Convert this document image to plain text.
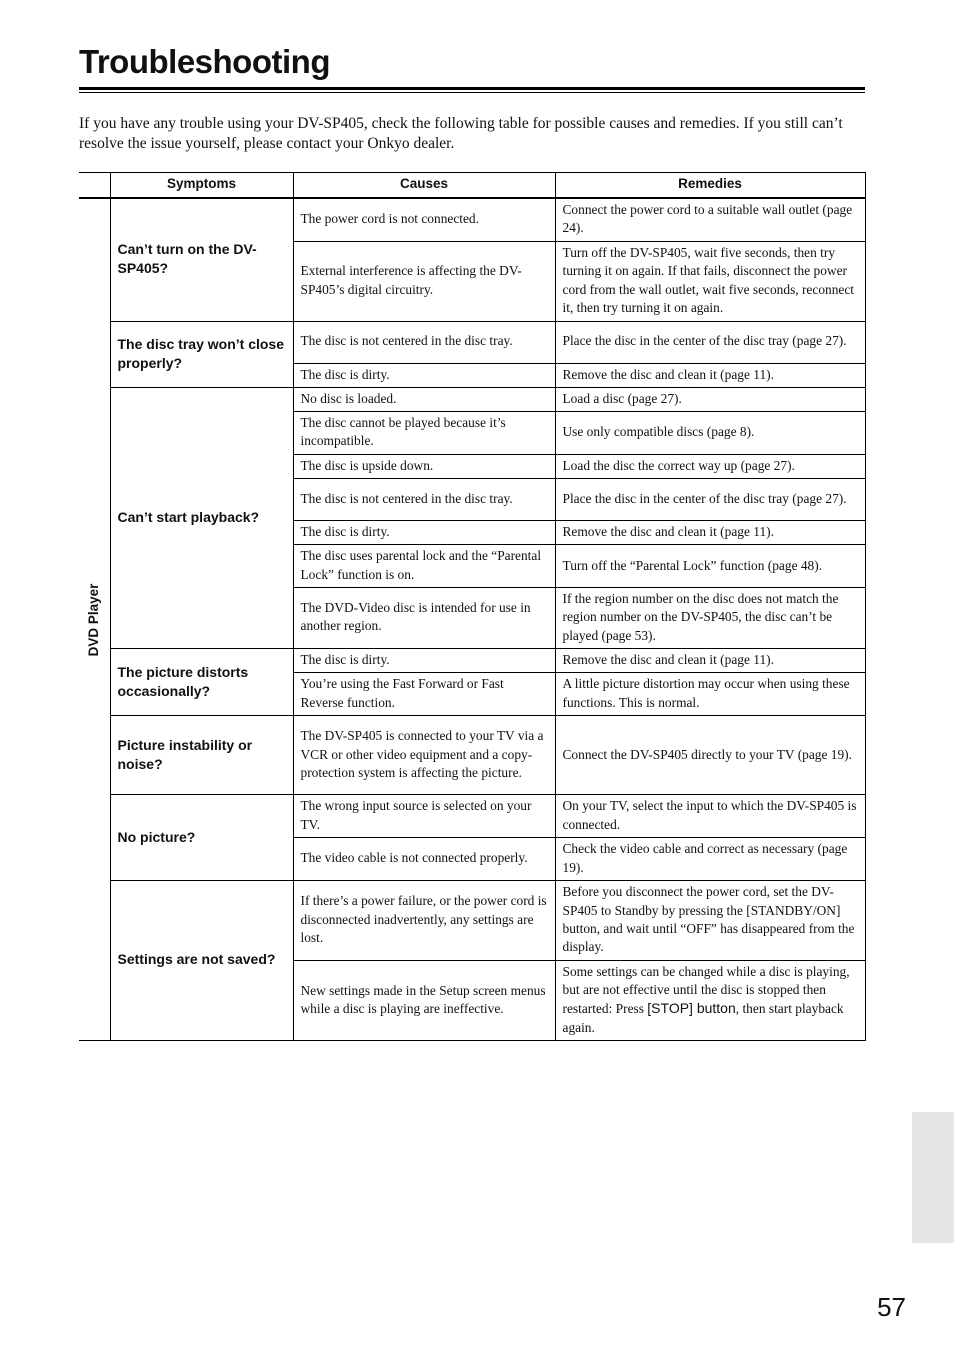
Troubleshooting

If you have any trouble using your DV-SP405, check the following table for possible causes and remedies. If you still can’t resolve the issue yourself, please contact your Onkyo dealer.

	Symptoms	Causes	Remedies

DVD Player	Can’t turn on the DV-SP405?	The power cord is not connected.	Connect the power cord to a suitable wall outlet (page 24).
		External interference is affecting the DV-SP405’s digital circuitry.	Turn off the DV-SP405, wait five seconds, then try turning it on again. If that fails, disconnect the power cord from the wall outlet, wait five seconds, reconnect it, then try turning it on again.
	The disc tray won’t close properly?	The disc is not centered in the disc tray.	Place the disc in the center of the disc tray (page 27).
		The disc is dirty.	Remove the disc and clean it (page 11).
	Can’t start playback?	No disc is loaded.	Load a disc (page 27).
		The disc cannot be played because it’s incompatible.	Use only compatible discs (page 8).
		The disc is upside down.	Load the disc the correct way up (page 27).
		The disc is not centered in the disc tray.	Place the disc in the center of the disc tray (page 27).
		The disc is dirty.	Remove the disc and clean it (page 11).
		The disc uses parental lock and the “Parental Lock” function is on.	Turn off the “Parental Lock” function (page 48).
		The DVD-Video disc is intended for use in another region.	If the region number on the disc does not match the region number on the DV-SP405, the disc can’t be played (page 53).
	The picture distorts occasionally?	The disc is dirty.	Remove the disc and clean it (page 11).
		You’re using the Fast Forward or Fast Reverse function.	A little picture distortion may occur when using these functions. This is normal.
	Picture instability or noise?	The DV-SP405 is connected to your TV via a VCR or other video equipment and a copy-protection system is affecting the picture.	Connect the DV-SP405 directly to your TV (page 19).
	No picture?	The wrong input source is selected on your TV.	On your TV, select the input to which the DV-SP405 is connected.
		The video cable is not connected properly.	Check the video cable and correct as necessary (page 19).
	Settings are not saved?	If there’s a power failure, or the power cord is disconnected inadvertently, any settings are lost.	Before you disconnect the power cord, set the DV-SP405 to Standby by pressing the [STANDBY/ON] button, and wait until “OFF” has disappeared from the display.
		New settings made in the Setup screen menus while a disc is playing are ineffective.	Some settings can be changed while a disc is playing, but are not effective until the disc is stopped then restarted: Press [STOP] button, then start playback again.
57
